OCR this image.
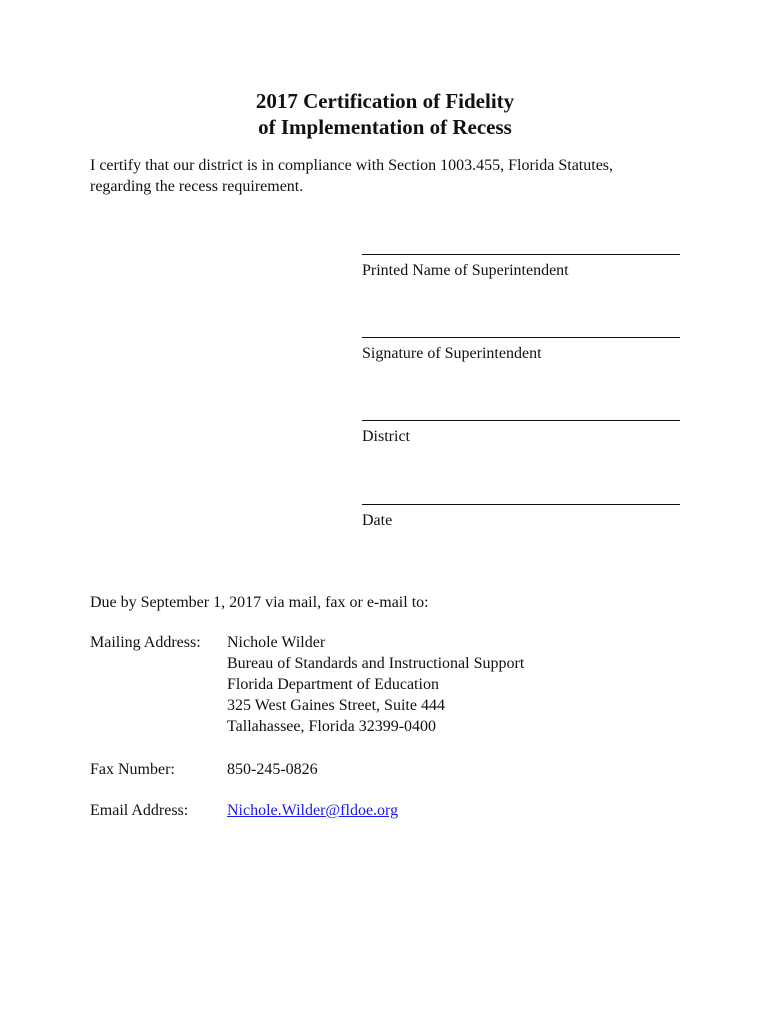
2017 Certification of Fidelity
of Implementation of Recess
I certify that our district is in compliance with Section 1003.455, Florida Statutes,
regarding the recess requirement.
Printed Name of Superintendent
Signature of Superintendent
District
Date
Due by September 1, 2017 via mail, fax or e-mail to:
Mailing Address: Nichole Wilder
Bureau of Standards and Instructional Support
Florida Department of Education
325 West Gaines Street, Suite 444
Tallahassee, Florida 32399-0400
Fax Number:	850-245-0826
Email Address: Nichole.Wilder@fldoe.org
